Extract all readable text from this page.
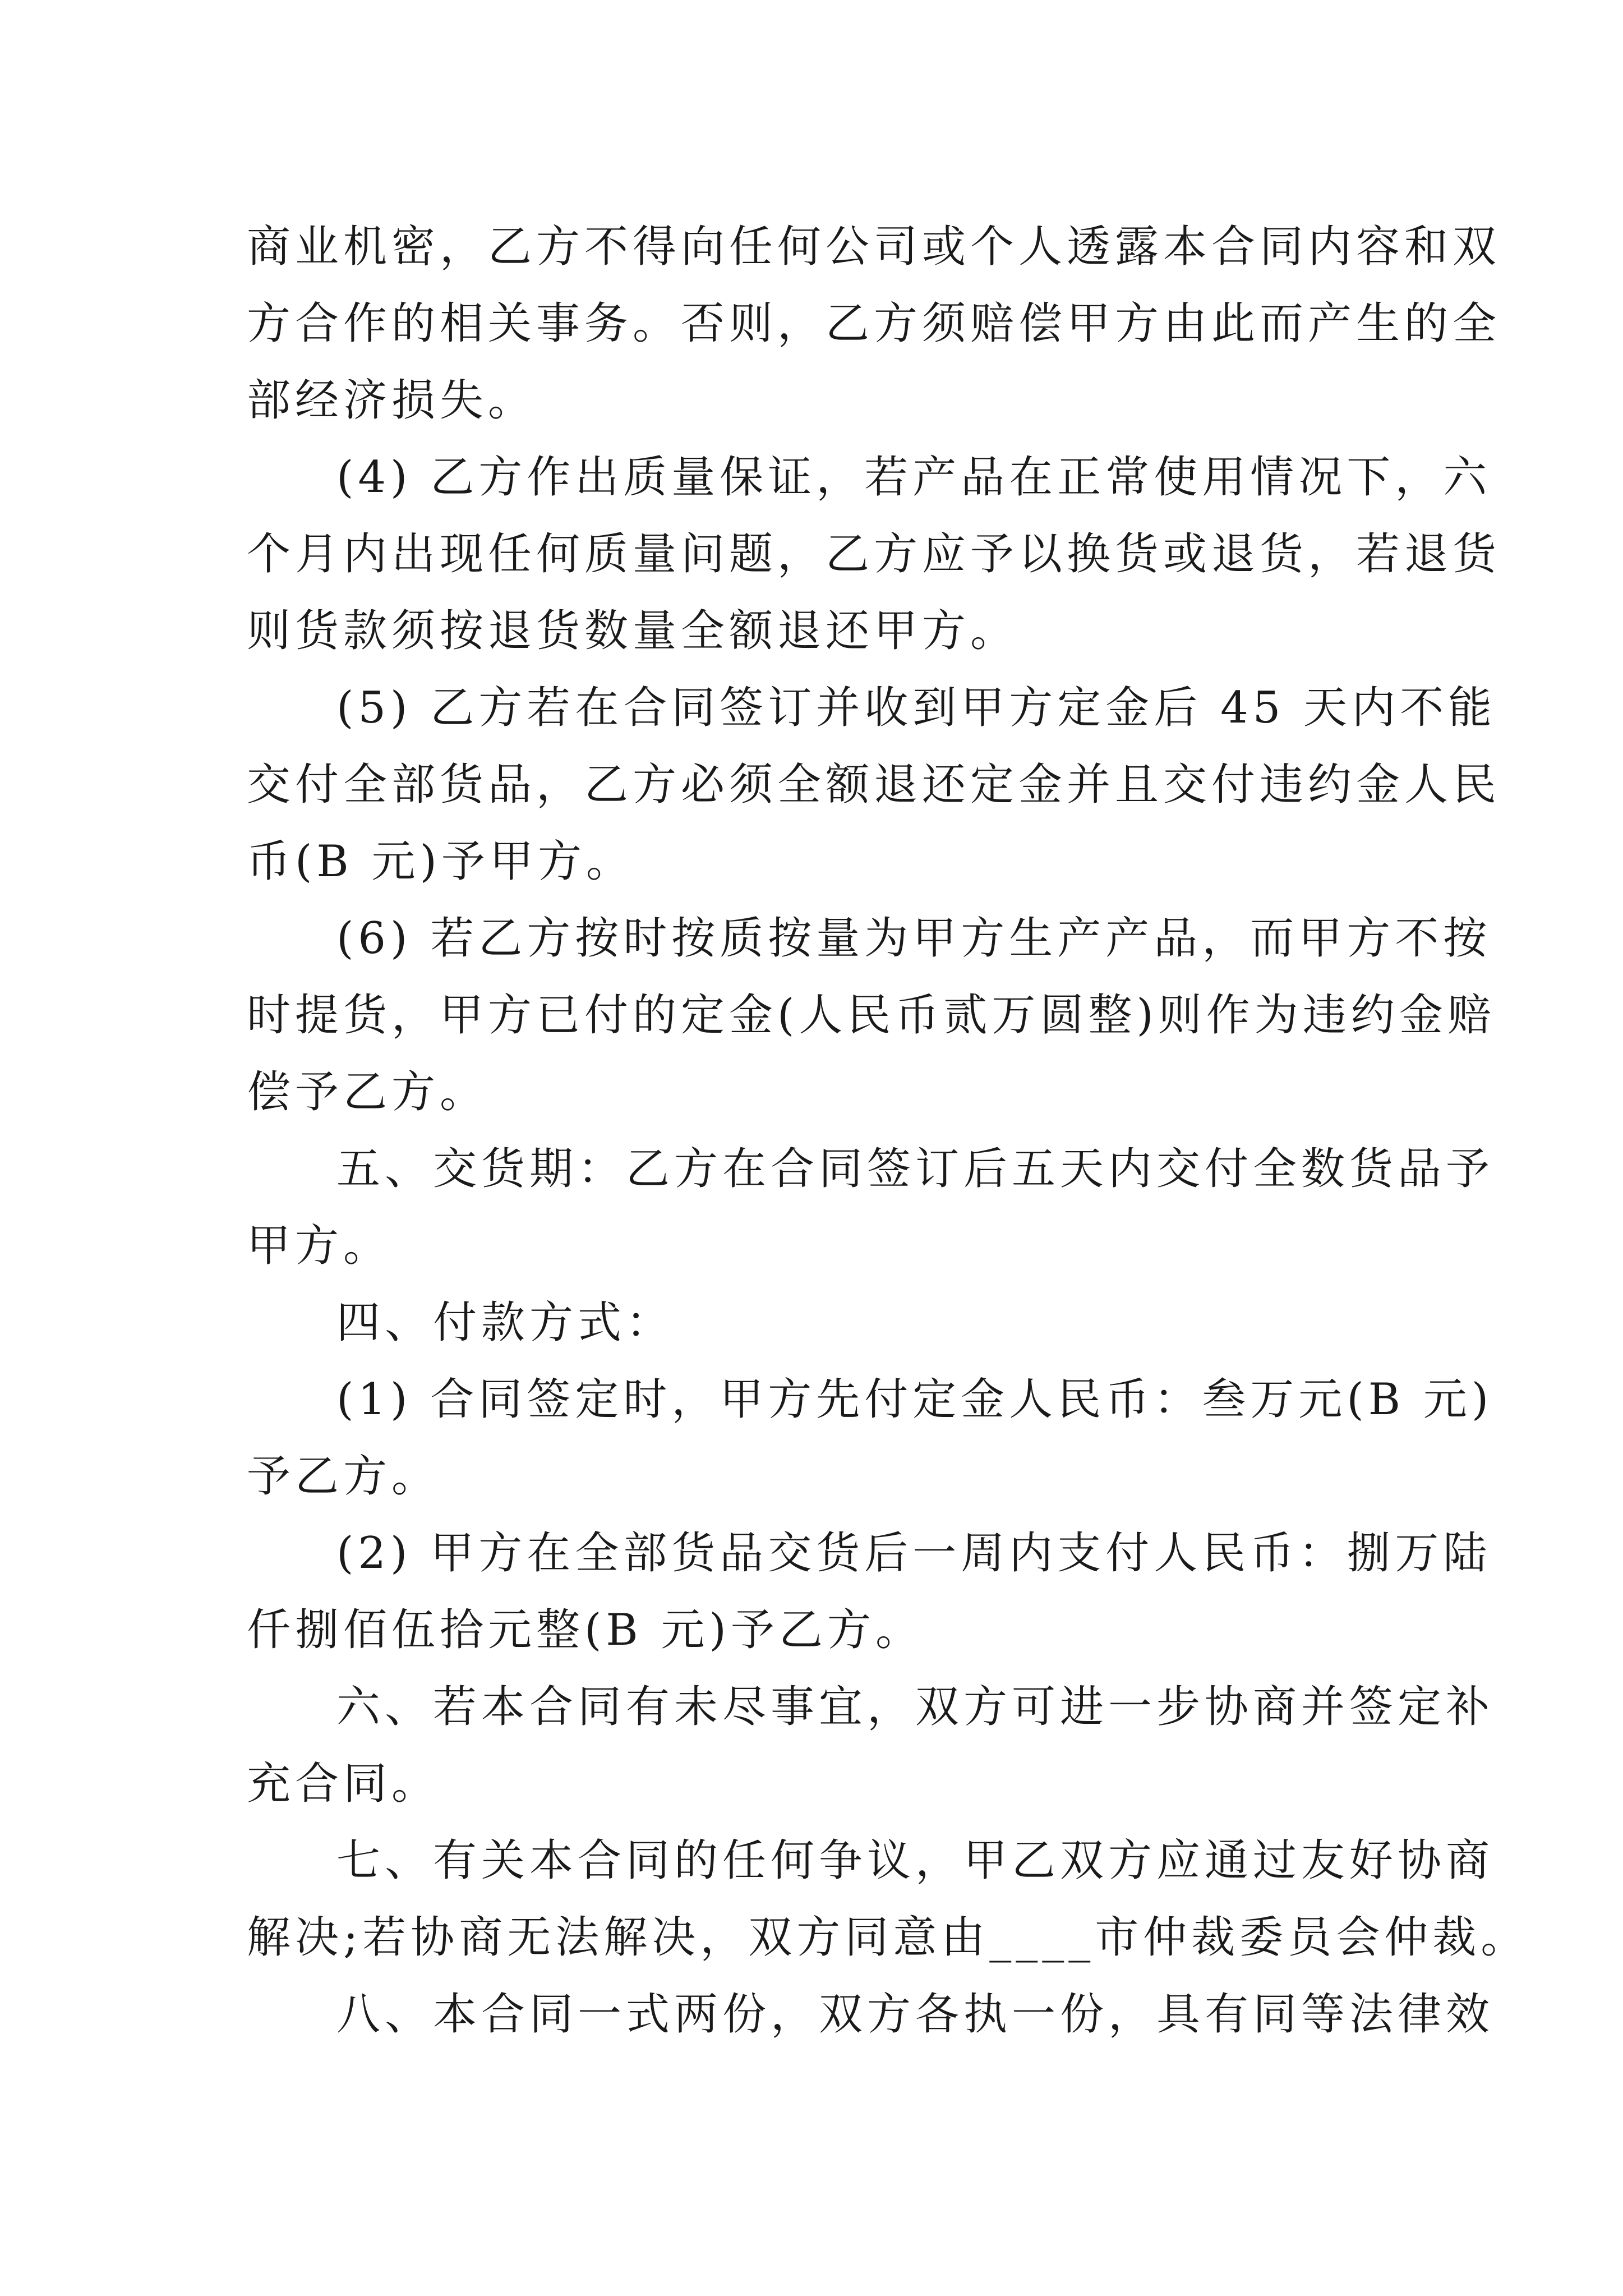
商业机密，乙方不得向任何公司或个人透露本合同内容和双
方合作的相关事务。否则，乙方须赔偿甲方由此而产生的全
部经济损失。
(4) 乙方作出质量保证，若产品在正常使用情况下，六
个月内出现任何质量问题，乙方应予以换货或退货，若退货
则货款须按退货数量全额退还甲方。
(5) 乙方若在合同签订并收到甲方定金后 45 天内不能
交付全部货品，乙方必须全额退还定金并且交付违约金人民
币(B 元)予甲方。
(6) 若乙方按时按质按量为甲方生产产品，而甲方不按
时提货，甲方已付的定金(人民币贰万圆整)则作为违约金赔
偿予乙方。
五、交货期：乙方在合同签订后五天内交付全数货品予
甲方。
四、付款方式：
(1) 合同签定时，甲方先付定金人民币：叁万元(B 元)
予乙方。
(2) 甲方在全部货品交货后一周内支付人民币：捌万陆
仟捌佰伍拾元整(B 元)予乙方。
六、若本合同有未尽事宜，双方可进一步协商并签定补
充合同。
七、有关本合同的任何争议，甲乙双方应通过友好协商
解决;若协商无法解决，双方同意由____市仲裁委员会仲裁。
八、本合同一式两份，双方各执一份，具有同等法律效
